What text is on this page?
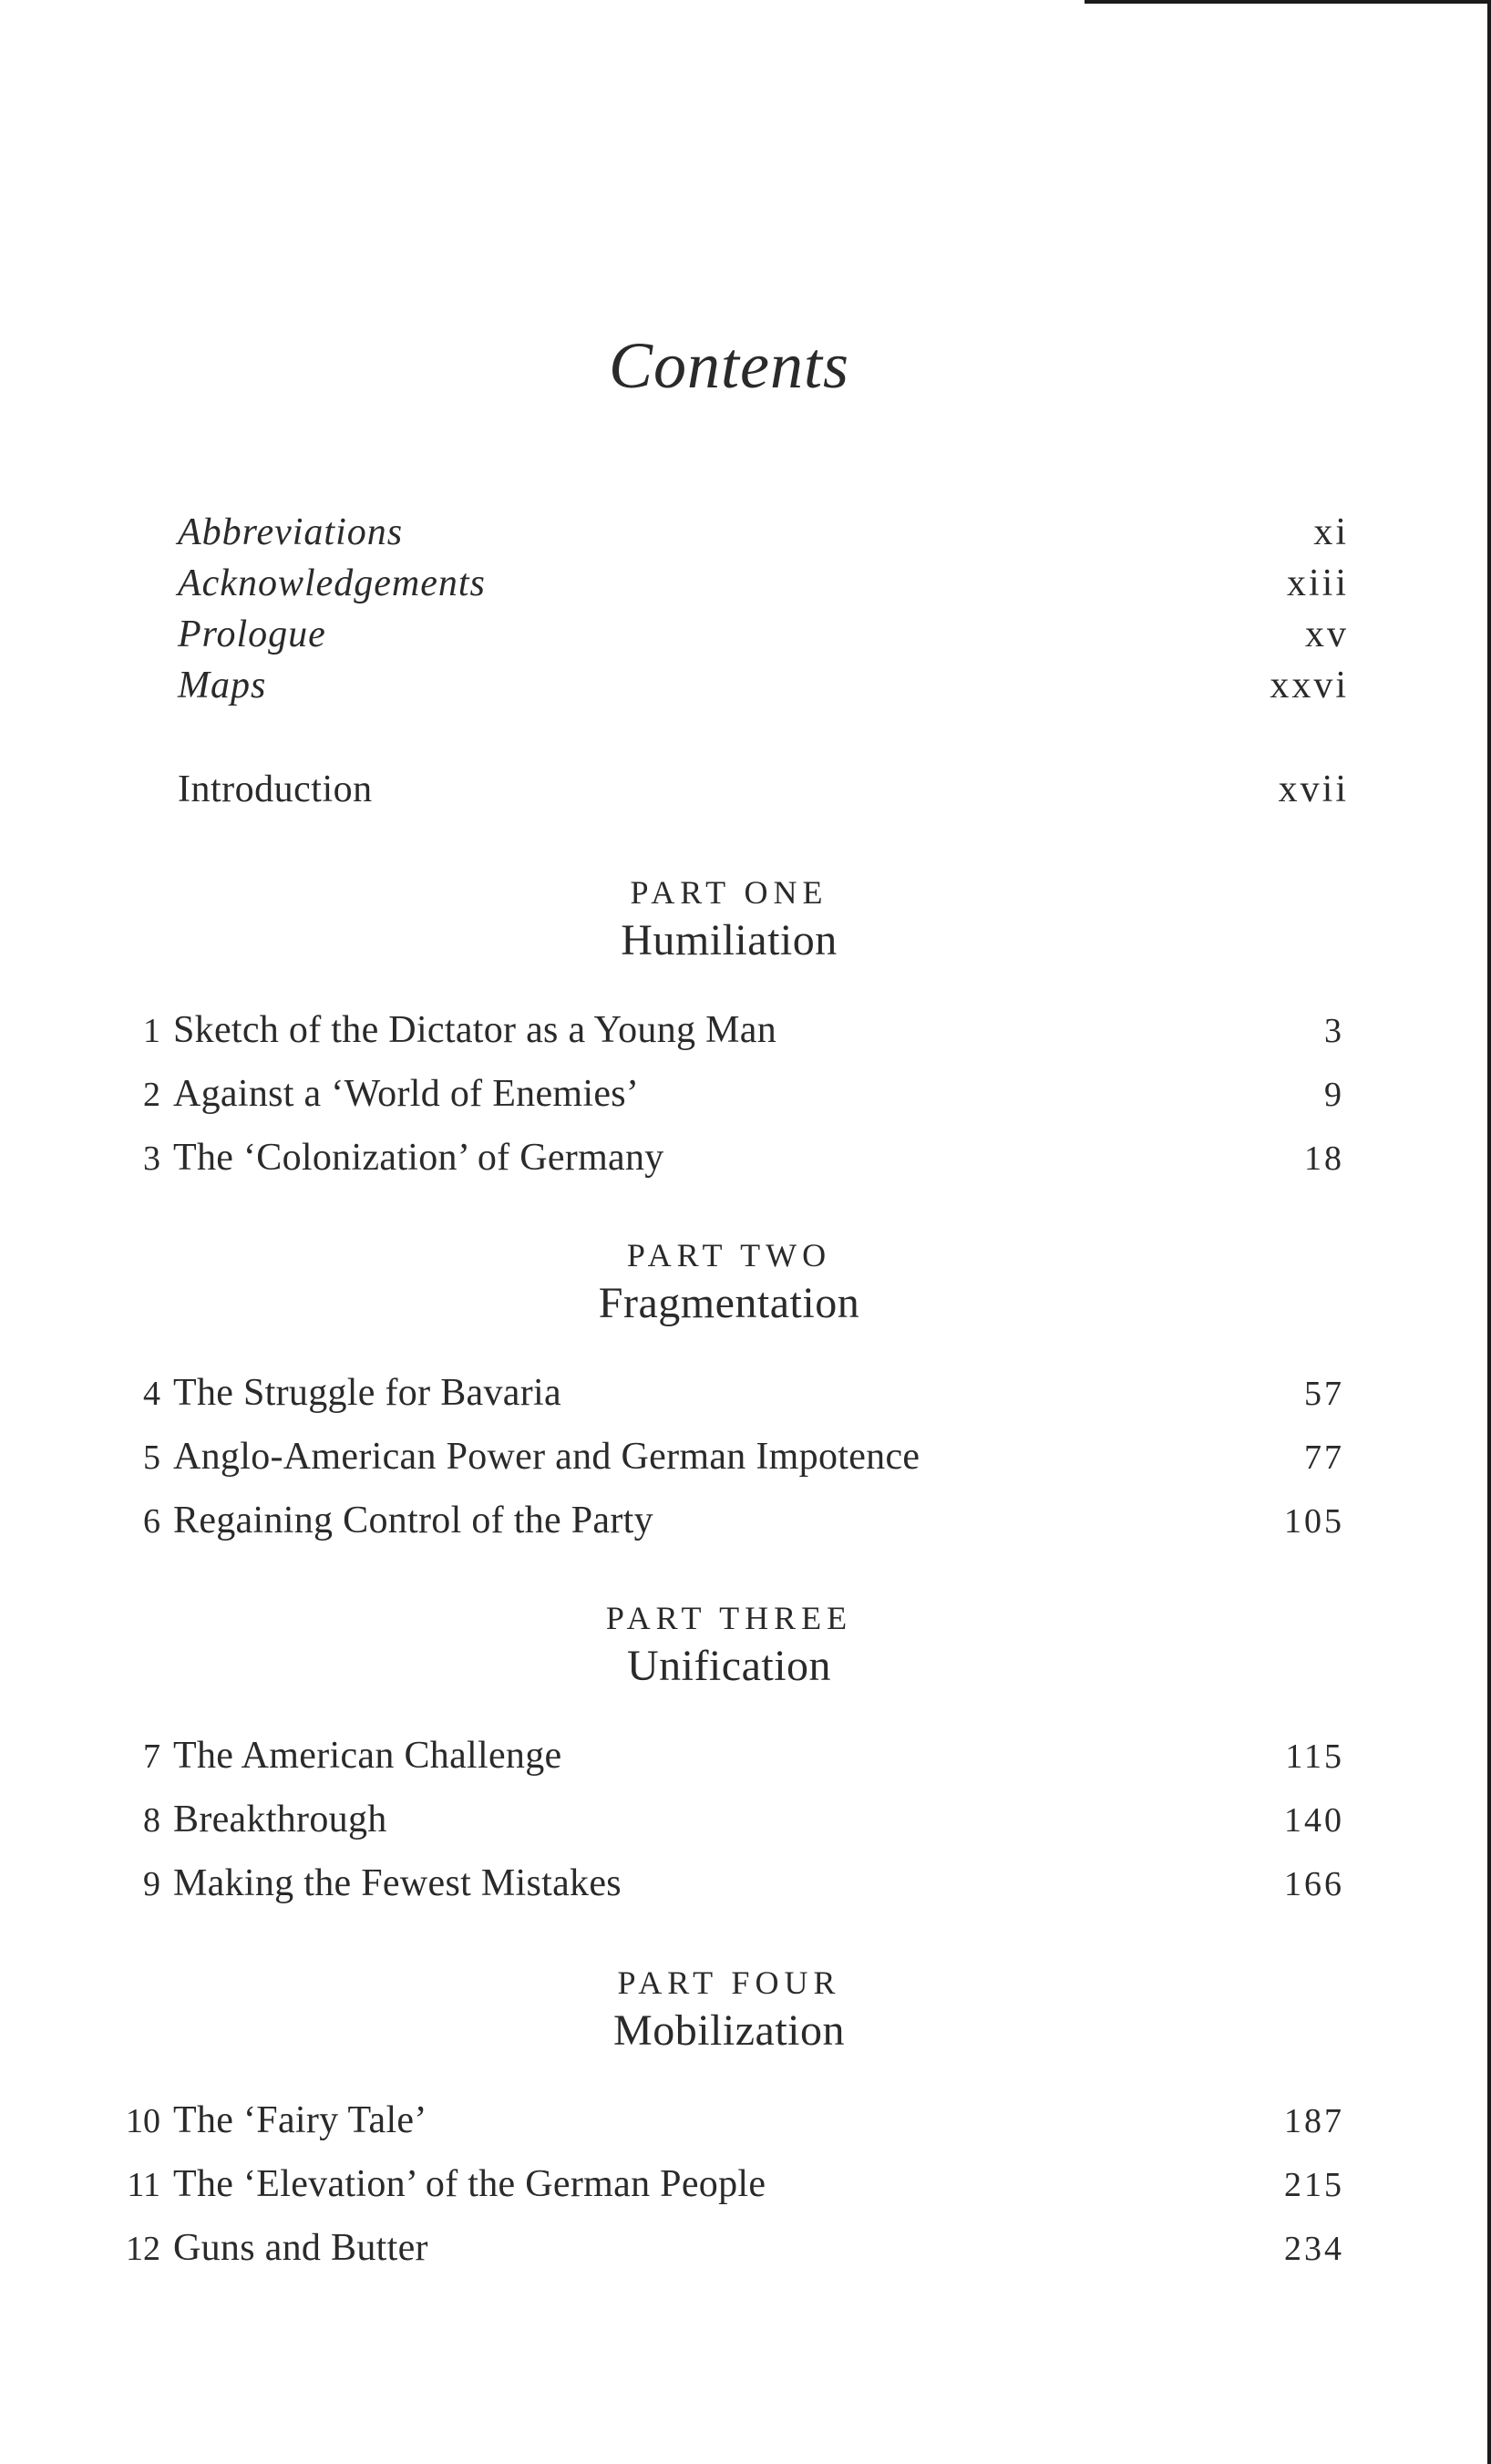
Contents
Abbreviations	xi
Acknowledgements	xiii
Prologue	xv
Maps	xxvi
Introduction	xvii
PART ONE
Humiliation
1 Sketch of the Dictator as a Young Man	3
2 Against a ‘World of Enemies’	9
3 The ‘Colonization’ of Germany	18
PART TWO
Fragmentation
4 The Struggle for Bavaria	57
5 Anglo-American Power and German Impotence	77
6 Regaining Control of the Party	105
PART THREE
Unification
7 The American Challenge	115
8 Breakthrough	140
9 Making the Fewest Mistakes	166
PART FOUR
Mobilization
10 The ‘Fairy Tale’	187
11 The ‘Elevation’ of the German People	215
12 Guns and Butter	234
